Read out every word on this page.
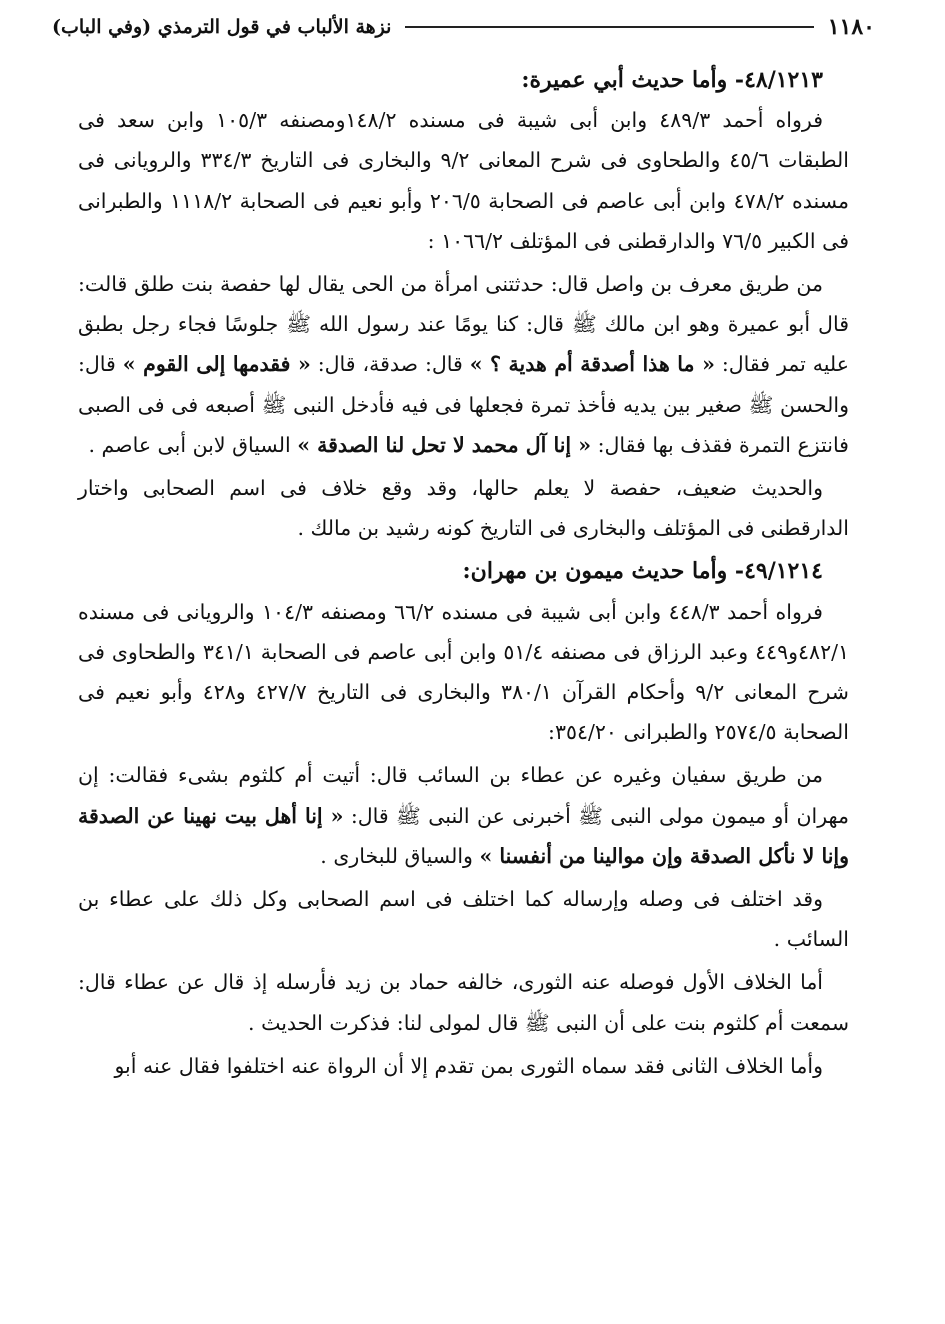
١١٨٠
نزهة الألباب في قول الترمذي (وفي الباب)
٤٨/١٢١٣- وأما حديث أبي عميرة:

فرواه أحمد ٤٨٩/٣ وابن أبى شيبة فى مسنده ١٤٨/٢ومصنفه ١٠٥/٣ وابن سعد فى الطبقات ٤٥/٦ والطحاوى فى شرح المعانى ٩/٢ والبخارى فى التاريخ ٣٣٤/٣ والرويانى فى مسنده ٤٧٨/٢ وابن أبى عاصم فى الصحابة ٢٠٦/٥ وأبو نعيم فى الصحابة ١١١٨/٢ والطبرانى فى الكبير ٧٦/٥ والدارقطنى فى المؤتلف ١٠٦٦/٢ :

من طريق معرف بن واصل قال: حدثتنى امرأة من الحى يقال لها حفصة بنت طلق قالت: قال أبو عميرة وهو ابن مالك ﷺ قال: كنا يومًا عند رسول الله ﷺ جلوسًا فجاء رجل بطبق عليه تمر فقال: « ما هذا أصدقة أم هدية ؟ » قال: صدقة، قال: « فقدمها إلى القوم » قال: والحسن ﷺ صغير بين يديه فأخذ تمرة فجعلها فى فيه فأدخل النبى ﷺ أصبعه فى فى الصبى فانتزع التمرة فقذف بها فقال: « إنا آل محمد لا تحل لنا الصدقة » السياق لابن أبى عاصم .

والحديث ضعيف، حفصة لا يعلم حالها، وقد وقع خلاف فى اسم الصحابى واختار الدارقطنى فى المؤتلف والبخارى فى التاريخ كونه رشيد بن مالك .

٤٩/١٢١٤- وأما حديث ميمون بن مهران:

فرواه أحمد ٤٤٨/٣ وابن أبى شيبة فى مسنده ٦٦/٢ ومصنفه ١٠٤/٣ والرويانى فى مسنده ٤٨٢/١و٤٤٩ وعبد الرزاق فى مصنفه ٥١/٤ وابن أبى عاصم فى الصحابة ٣٤١/١ والطحاوى فى شرح المعانى ٩/٢ وأحكام القرآن ٣٨٠/١ والبخارى فى التاريخ ٤٢٧/٧ و٤٢٨ وأبو نعيم فى الصحابة ٢٥٧٤/٥ والطبرانى ٣٥٤/٢٠:

من طريق سفيان وغيره عن عطاء بن السائب قال: أتيت أم كلثوم بشىء فقالت: إن مهران أو ميمون مولى النبى ﷺ أخبرنى عن النبى ﷺ قال: « إنا أهل بيت نهينا عن الصدقة وإنا لا نأكل الصدقة وإن موالينا من أنفسنا » والسياق للبخارى .

وقد اختلف فى وصله وإرساله كما اختلف فى اسم الصحابى وكل ذلك على عطاء بن السائب .

أما الخلاف الأول فوصله عنه الثورى، خالفه حماد بن زيد فأرسله إذ قال عن عطاء قال: سمعت أم كلثوم بنت على أن النبى ﷺ قال لمولى لنا: فذكرت الحديث .

وأما الخلاف الثانى فقد سماه الثورى بمن تقدم إلا أن الرواة عنه اختلفوا فقال عنه أبو
